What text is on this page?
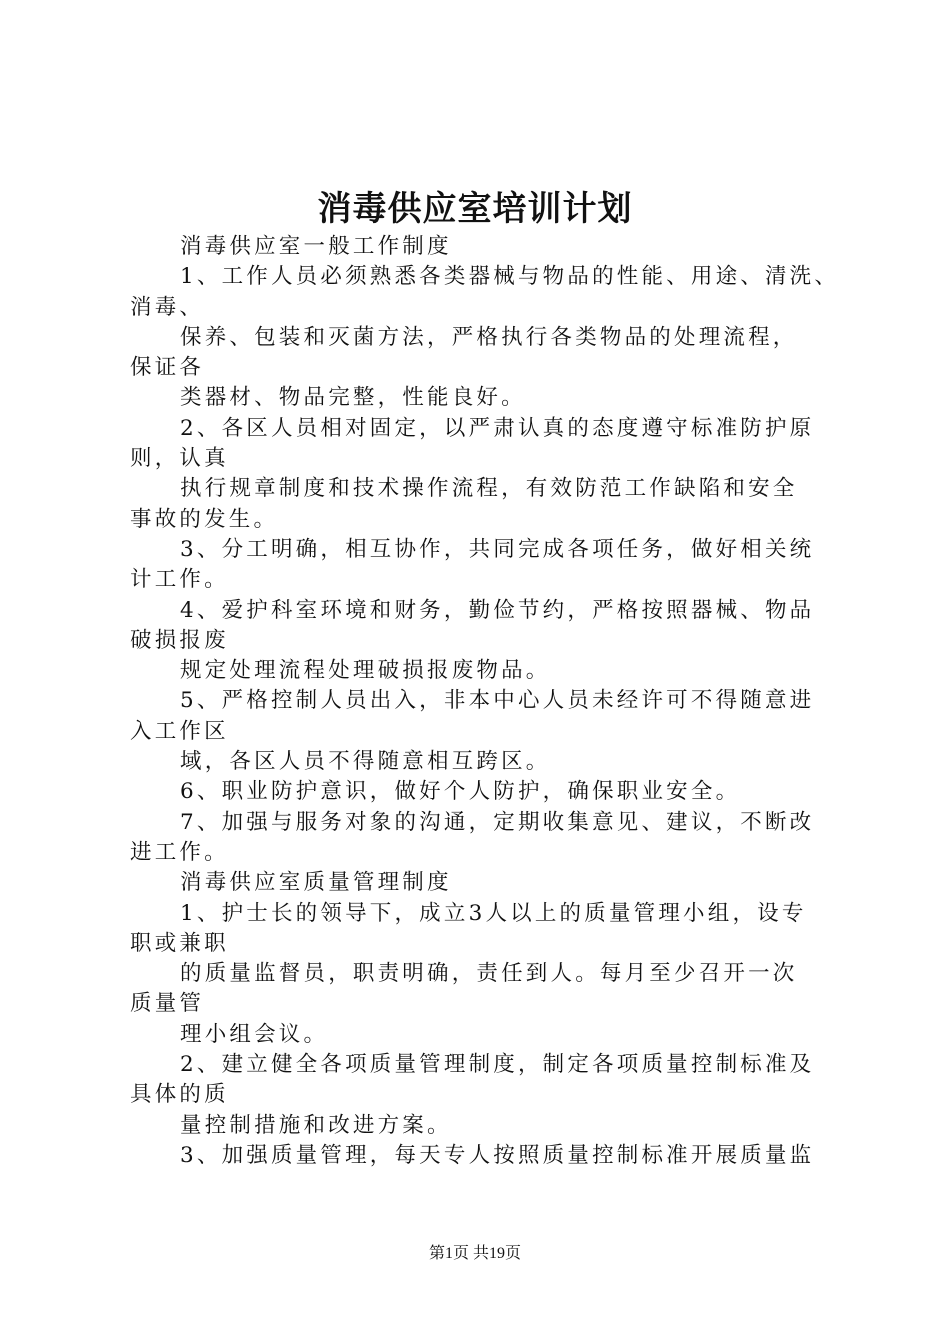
消毒供应室培训计划
消毒供应室一般工作制度
1、工作人员必须熟悉各类器械与物品的性能、用途、清洗、
消毒、
保养、包装和灭菌方法，严格执行各类物品的处理流程，
保证各
类器材、物品完整，性能良好。
2、各区人员相对固定，以严肃认真的态度遵守标准防护原
则，认真
执行规章制度和技术操作流程，有效防范工作缺陷和安全
事故的发生。
3、分工明确，相互协作，共同完成各项任务，做好相关统
计工作。
4、爱护科室环境和财务，勤俭节约，严格按照器械、物品
破损报废
规定处理流程处理破损报废物品。
5、严格控制人员出入，非本中心人员未经许可不得随意进
入工作区
域，各区人员不得随意相互跨区。
6、职业防护意识，做好个人防护，确保职业安全。
7、加强与服务对象的沟通，定期收集意见、建议，不断改
进工作。
消毒供应室质量管理制度
1、护士长的领导下，成立3人以上的质量管理小组，设专
职或兼职
的质量监督员，职责明确，责任到人。每月至少召开一次
质量管
理小组会议。
2、建立健全各项质量管理制度，制定各项质量控制标准及
具体的质
量控制措施和改进方案。
3、加强质量管理，每天专人按照质量控制标准开展质量监
第1页 共19页
